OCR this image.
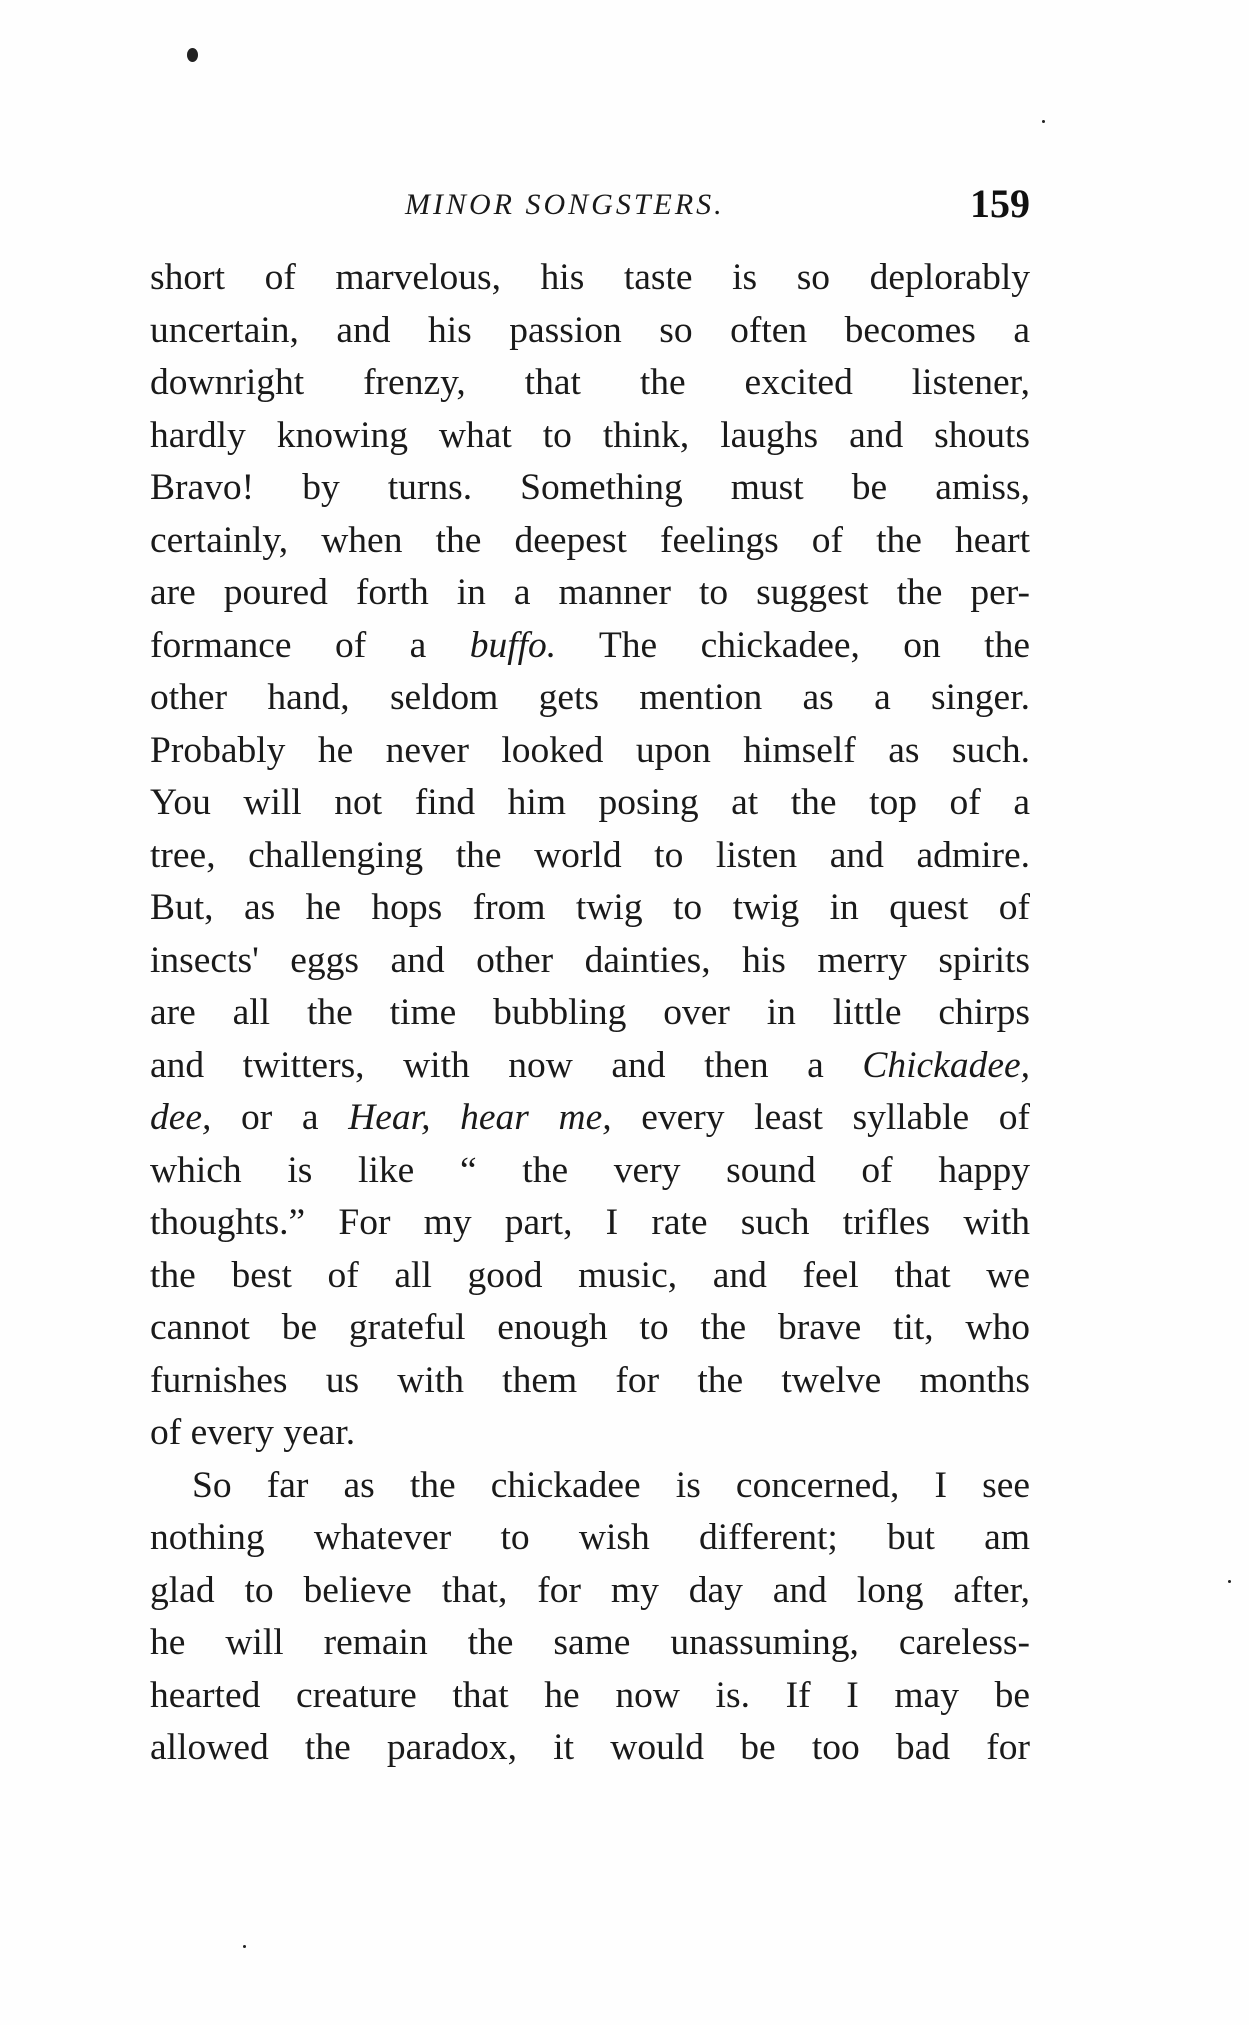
MINOR SONGSTERS.	159
short of marvelous, his taste is so deplorably
uncertain, and his passion so often becomes a
downright frenzy, that the excited listener,
hardly knowing what to think, laughs and shouts
Bravo! by turns. Something must be amiss,
certainly, when the deepest feelings of the heart
are poured forth in a manner to suggest the per-
formance of a buffo. The chickadee, on the
other hand, seldom gets mention as a singer.
Probably he never looked upon himself as such.
You will not find him posing at the top of a
tree, challenging the world to listen and admire.
But, as he hops from twig to twig in quest of
insects' eggs and other dainties, his merry spirits
are all the time bubbling over in little chirps
and twitters, with now and then a Chickadee,
dee, or a Hear, hear me, every least syllable of
which is like “ the very sound of happy
thoughts.” For my part, I rate such trifles with
the best of all good music, and feel that we
cannot be grateful enough to the brave tit, who
furnishes us with them for the twelve months
of every year.
So far as the chickadee is concerned, I see
nothing whatever to wish different; but am
glad to believe that, for my day and long after,
he will remain the same unassuming, careless-
hearted creature that he now is. If I may be
allowed the paradox, it would be too bad for
